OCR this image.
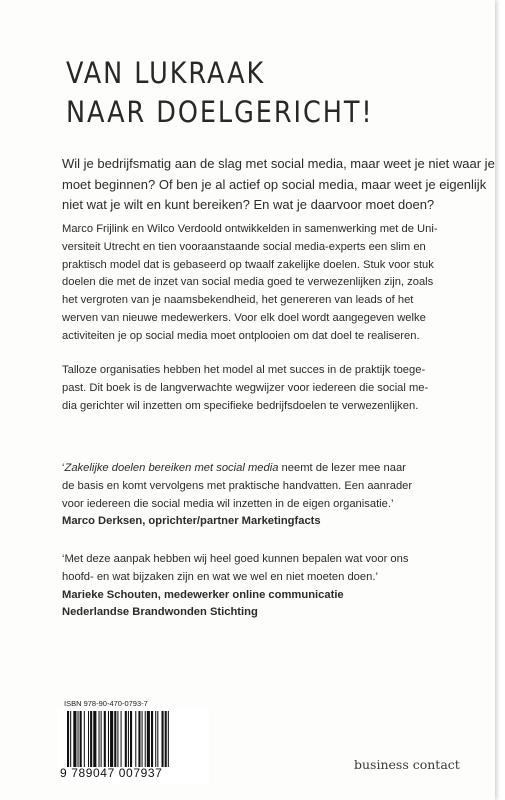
VAN LUKRAAK
NAAR DOELGERICHT!
Wil je bedrijfsmatig aan de slag met social media, maar weet je niet waar je
moet beginnen? Of ben je al actief op social media, maar weet je eigenlijk
niet wat je wilt en kunt bereiken? En wat je daarvoor moet doen?
Marco Frijlink en Wilco Verdoold ontwikkelden in samenwerking met de Uni-
versiteit Utrecht en tien vooraanstaande social media-experts een slim en
praktisch model dat is gebaseerd op twaalf zakelijke doelen. Stuk voor stuk
doelen die met de inzet van social media goed te verwezenlijken zijn, zoals
het vergroten van je naamsbekendheid, het genereren van leads of het
werven van nieuwe medewerkers. Voor elk doel wordt aangegeven welke
activiteiten je op social media moet ontplooien om dat doel te realiseren.
Talloze organisaties hebben het model al met succes in de praktijk toege-
past. Dit boek is de langverwachte wegwijzer voor iedereen die social me-
dia gerichter wil inzetten om specifieke bedrijfsdoelen te verwezenlijken.
‘Zakelijke doelen bereiken met social media neemt de lezer mee naar
de basis en komt vervolgens met praktische handvatten. Een aanrader
voor iedereen die social media wil inzetten in de eigen organisatie.’
Marco Derksen, oprichter/partner Marketingfacts
‘Met deze aanpak hebben wij heel goed kunnen bepalen wat voor ons
hoofd- en wat bijzaken zijn en wat we wel en niet moeten doen.’
Marieke Schouten, medewerker online communicatie
Nederlandse Brandwonden Stichting
ISBN 978-90-470-0793-7
9 789047 007937
business contact
